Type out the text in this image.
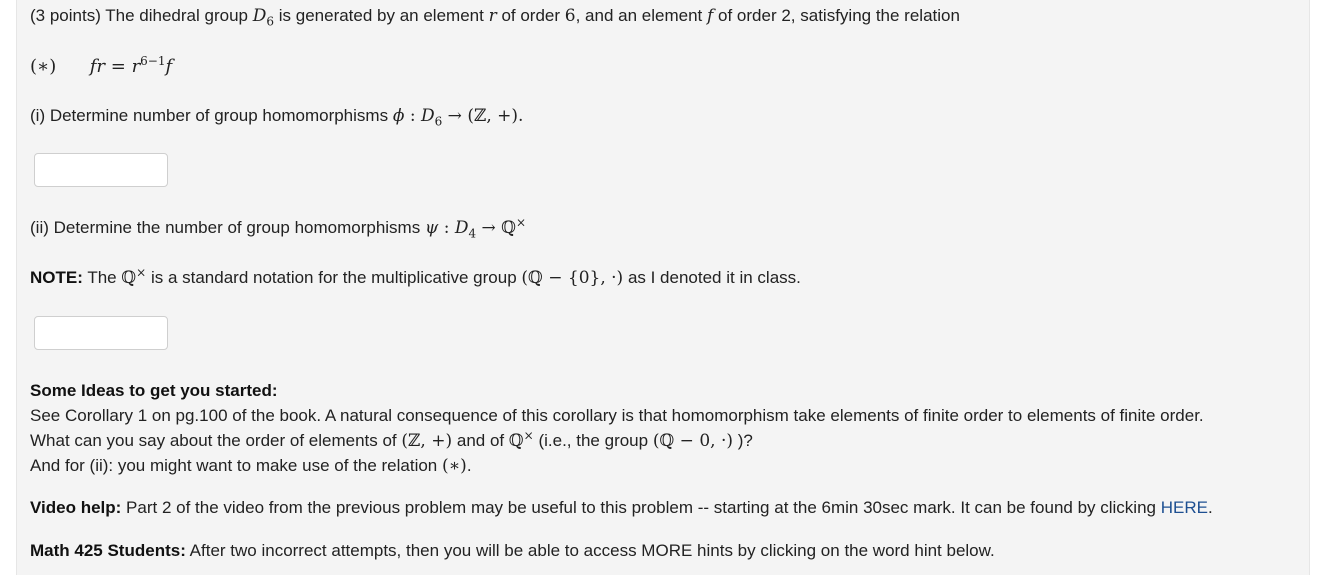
(3 points) The dihedral group $D_6$ is generated by an element r of order 6, and an element f of order 2, satisfying the relation
(∗) fr = $r^{6-1}f$
(i) Determine number of group homomorphisms ϕ : $D_6$ → (ℤ, +).
(ii) Determine the number of group homomorphisms ψ : $D_4$ → ℚ×
NOTE: The ℚ× is a standard notation for the multiplicative group (ℚ − {0}, ·) as I denoted it in class.
Some Ideas to get you started:
See Corollary 1 on pg.100 of the book. A natural consequence of this corollary is that homomorphism take elements of finite order to elements of finite order.
What can you say about the order of elements of (ℤ, +) and of ℚ× (i.e., the group (ℚ − 0, ·) )?
And for (ii): you might want to make use of the relation (∗).
Video help: Part 2 of the video from the previous problem may be useful to this problem -- starting at the 6min 30sec mark. It can be found by clicking HERE.
Math 425 Students: After two incorrect attempts, then you will be able to access MORE hints by clicking on the word hint below.
